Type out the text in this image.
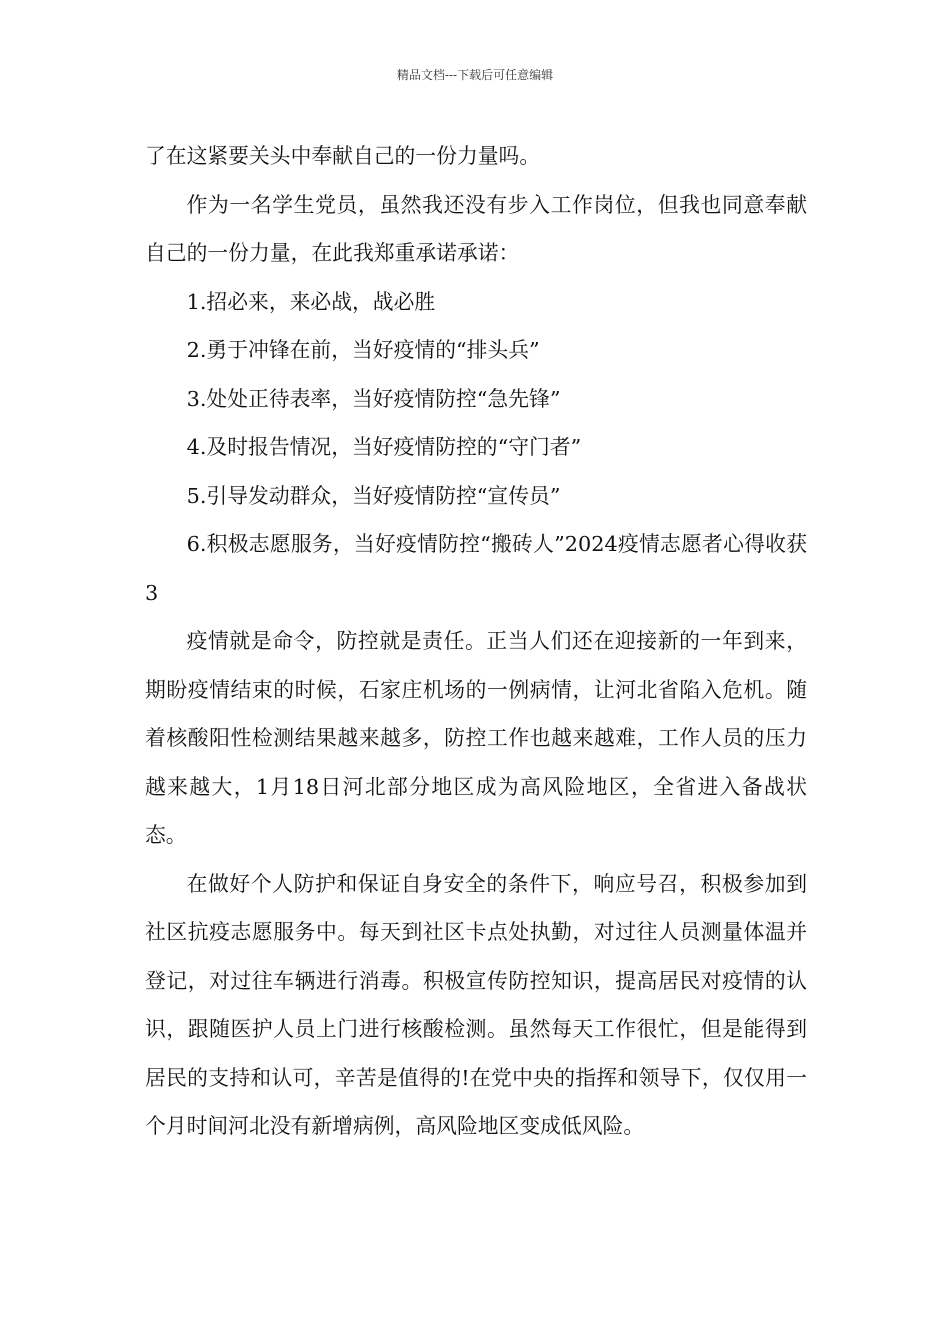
精品文档---下载后可任意编辑

了在这紧要关头中奉献自己的一份力量吗。

作为一名学生党员，虽然我还没有步入工作岗位，但我也同意奉献自己的一份力量，在此我郑重承诺承诺：

1.招必来，来必战，战必胜

2.勇于冲锋在前，当好疫情的“排头兵”

3.处处正待表率，当好疫情防控“急先锋”

4.及时报告情况，当好疫情防控的“守门者”

5.引导发动群众，当好疫情防控“宣传员”

6.积极志愿服务，当好疫情防控“搬砖人”2024疫情志愿者心得收获3

疫情就是命令，防控就是责任。正当人们还在迎接新的一年到来，期盼疫情结束的时候，石家庄机场的一例病情，让河北省陷入危机。随着核酸阳性检测结果越来越多，防控工作也越来越难，工作人员的压力越来越大，1月18日河北部分地区成为高风险地区，全省进入备战状态。

在做好个人防护和保证自身安全的条件下，响应号召，积极参加到社区抗疫志愿服务中。每天到社区卡点处执勤，对过往人员测量体温并登记，对过往车辆进行消毒。积极宣传防控知识，提高居民对疫情的认识，跟随医护人员上门进行核酸检测。虽然每天工作很忙，但是能得到居民的支持和认可，辛苦是值得的!在党中央的指挥和领导下，仅仅用一个月时间河北没有新增病例，高风险地区变成低风险。
